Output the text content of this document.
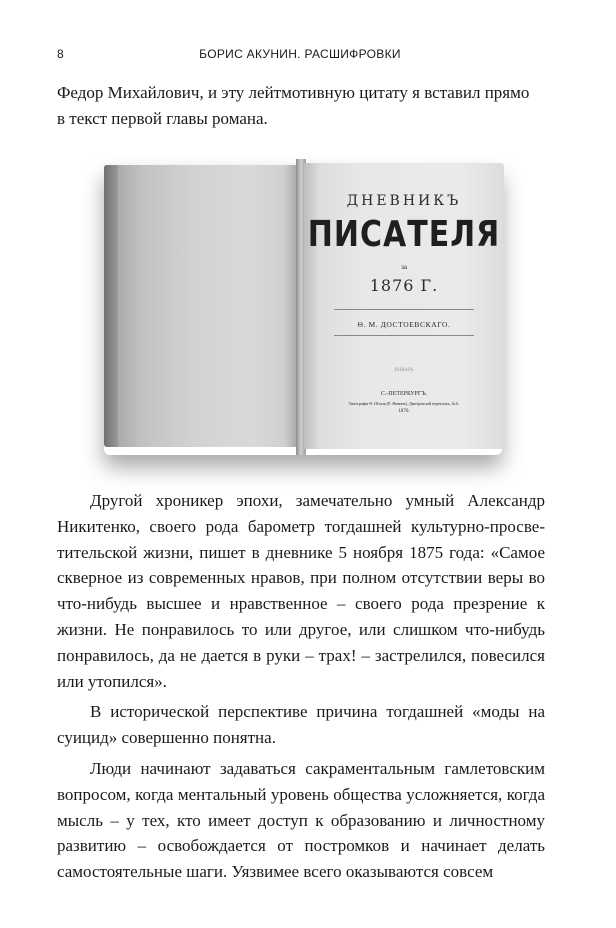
8	БОРИС АКУНИН. РАСШИФРОВКИ
Федор Михайлович, и эту лейтмотивную цитату я вставил прямо
в текст первой главы романа.
ДНЕВНИКЪ
ПИСАТЕЛЯ
за
1876 Г.
Ѳ. М. ДОСТОЕВСКАГО.
ЯНВАРЬ
С.-ПЕТЕРБУРГЪ.
Типографія Ѳ. Шталя (Е. Нивинъ), Дмитровскій переулокъ, № 6.
1876.

Другой хроникер эпохи, замечательно умный Александр Никитенко, своего рода барометр тогдашней культурно-просветительской жизни, пишет в дневнике 5 ноября 1875 года: «Самое скверное из современных нравов, при полном отсутствии веры во что-нибудь высшее и нравственное – своего рода презрение к жизни. Не понравилось то или другое, или слишком что-нибудь понравилось, да не дается в руки – трах! – застрелился, повесился или утопился».

В исторической перспективе причина тогдашней «моды на суицид» совершенно понятна.

Люди начинают задаваться сакраментальным гамлетовским вопросом, когда ментальный уровень общества усложняется, когда мысль – у тех, кто имеет доступ к образованию и личностному развитию – освобождается от постромков и начинает делать самостоятельные шаги. Уязвимее всего оказываются совсем
